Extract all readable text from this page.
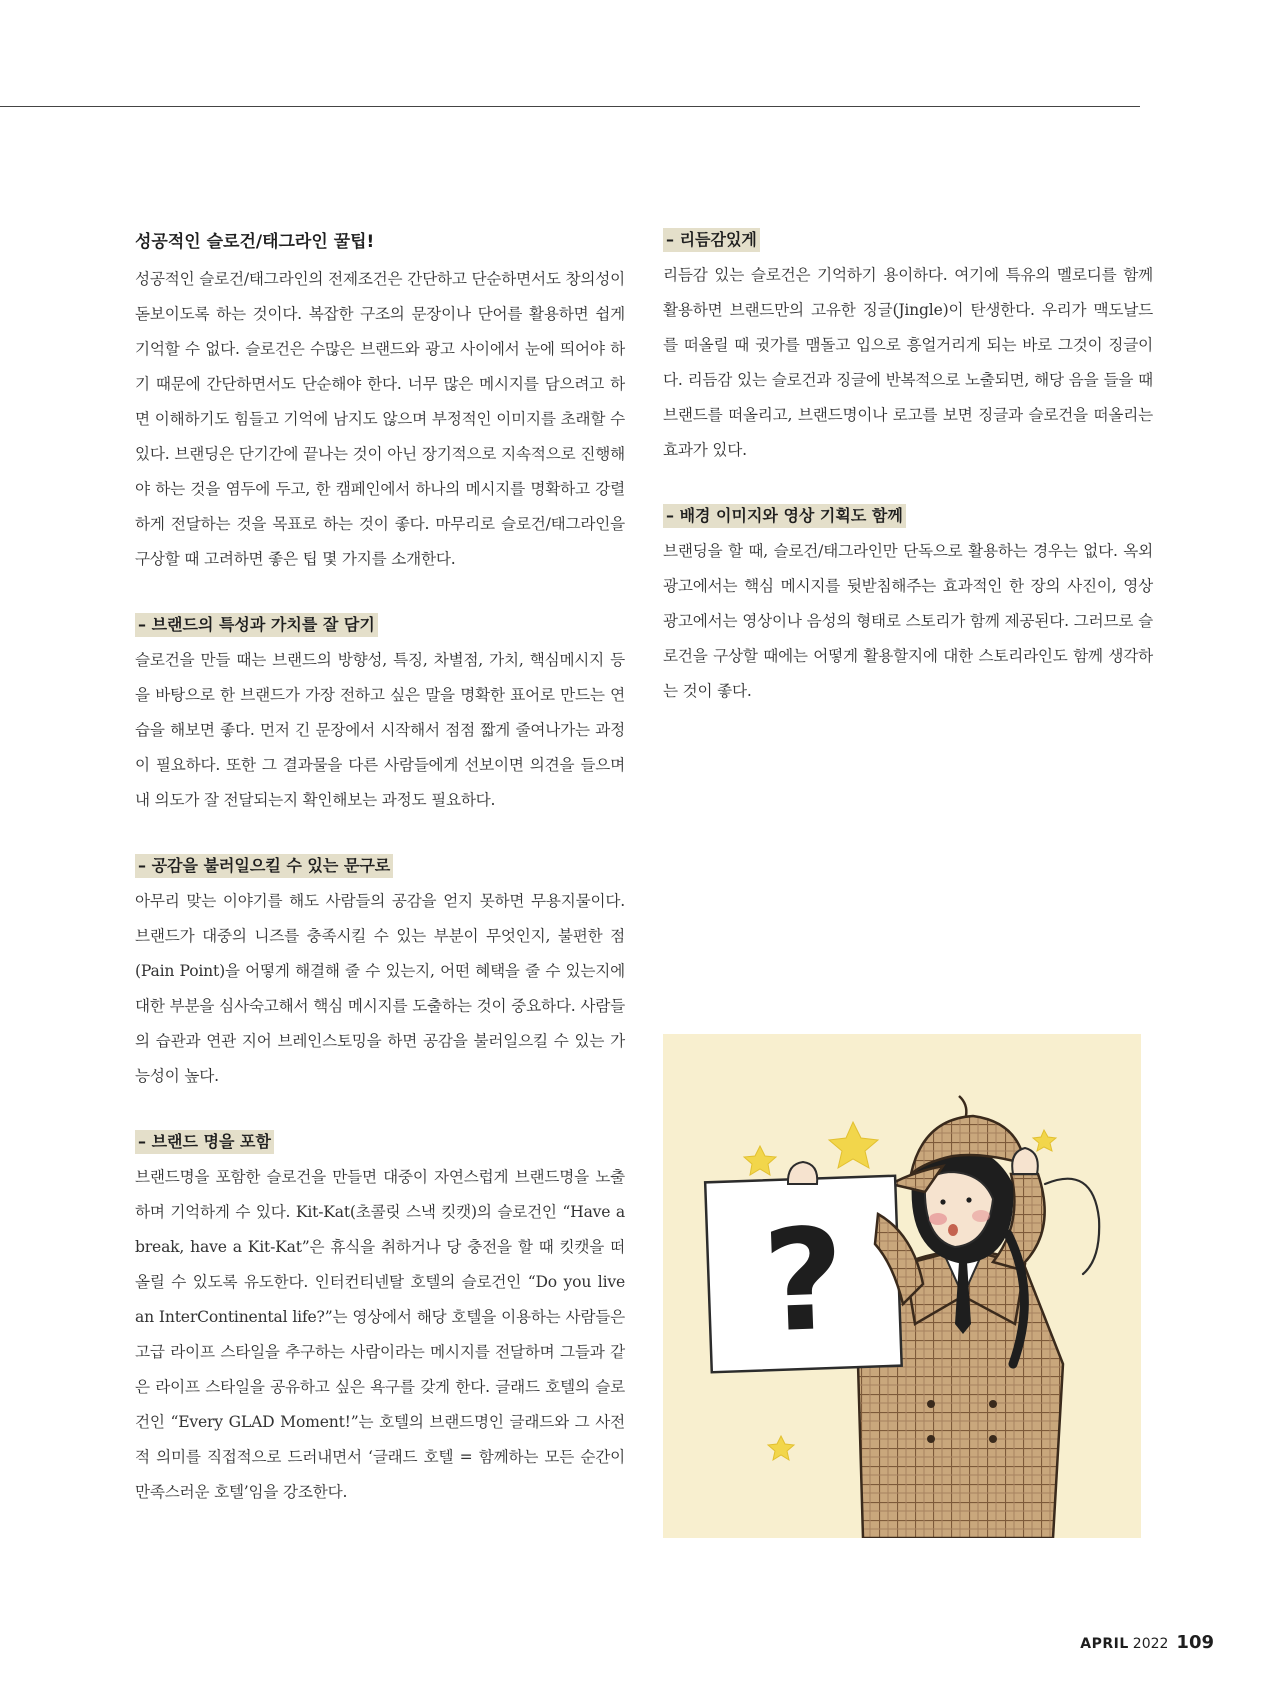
성공적인 슬로건/태그라인 꿀팁!

성공적인 슬로건/태그라인의 전제조건은 간단하고 단순하면서도 창의성이 돋보이도록 하는 것이다. 복잡한 구조의 문장이나 단어를 활용하면 쉽게 기억할 수 없다. 슬로건은 수많은 브랜드와 광고 사이에서 눈에 띄어야 하기 때문에 간단하면서도 단순해야 한다. 너무 많은 메시지를 담으려고 하면 이해하기도 힘들고 기억에 남지도 않으며 부정적인 이미지를 초래할 수 있다. 브랜딩은 단기간에 끝나는 것이 아닌 장기적으로 지속적으로 진행해야 하는 것을 염두에 두고, 한 캠페인에서 하나의 메시지를 명확하고 강렬하게 전달하는 것을 목표로 하는 것이 좋다. 마무리로 슬로건/태그라인을 구상할 때 고려하면 좋은 팁 몇 가지를 소개한다.

– 브랜드의 특성과 가치를 잘 담기

슬로건을 만들 때는 브랜드의 방향성, 특징, 차별점, 가치, 핵심메시지 등을 바탕으로 한 브랜드가 가장 전하고 싶은 말을 명확한 표어로 만드는 연습을 해보면 좋다. 먼저 긴 문장에서 시작해서 점점 짧게 줄여나가는 과정이 필요하다. 또한 그 결과물을 다른 사람들에게 선보이면 의견을 들으며 내 의도가 잘 전달되는지 확인해보는 과정도 필요하다.

– 공감을 불러일으킬 수 있는 문구로

아무리 맞는 이야기를 해도 사람들의 공감을 얻지 못하면 무용지물이다. 브랜드가 대중의 니즈를 충족시킬 수 있는 부분이 무엇인지, 불편한 점(Pain Point)을 어떻게 해결해 줄 수 있는지, 어떤 혜택을 줄 수 있는지에 대한 부분을 심사숙고해서 핵심 메시지를 도출하는 것이 중요하다. 사람들의 습관과 연관 지어 브레인스토밍을 하면 공감을 불러일으킬 수 있는 가능성이 높다.

– 브랜드 명을 포함

브랜드명을 포함한 슬로건을 만들면 대중이 자연스럽게 브랜드명을 노출하며 기억하게 수 있다. Kit-Kat(초콜릿 스낵 킷캣)의 슬로건인 “Have a break, have a Kit-Kat”은 휴식을 취하거나 당 충전을 할 때 킷캣을 떠올릴 수 있도록 유도한다. 인터컨티넨탈 호텔의 슬로건인 “Do you live an InterContinental life?”는 영상에서 해당 호텔을 이용하는 사람들은 고급 라이프 스타일을 추구하는 사람이라는 메시지를 전달하며 그들과 같은 라이프 스타일을 공유하고 싶은 욕구를 갖게 한다. 글래드 호텔의 슬로건인 “Every GLAD Moment!”는 호텔의 브랜드명인 글래드와 그 사전적 의미를 직접적으로 드러내면서 ‘글래드 호텔 = 함께하는 모든 순간이 만족스러운 호텔’임을 강조한다.

– 리듬감있게

리듬감 있는 슬로건은 기억하기 용이하다. 여기에 특유의 멜로디를 함께 활용하면 브랜드만의 고유한 징글(Jingle)이 탄생한다. 우리가 맥도날드를 떠올릴 때 귓가를 맴돌고 입으로 흥얼거리게 되는 바로 그것이 징글이다. 리듬감 있는 슬로건과 징글에 반복적으로 노출되면, 해당 음을 들을 때 브랜드를 떠올리고, 브랜드명이나 로고를 보면 징글과 슬로건을 떠올리는 효과가 있다.

– 배경 이미지와 영상 기획도 함께

브랜딩을 할 때, 슬로건/태그라인만 단독으로 활용하는 경우는 없다. 옥외 광고에서는 핵심 메시지를 뒷받침해주는 효과적인 한 장의 사진이, 영상 광고에서는 영상이나 음성의 형태로 스토리가 함께 제공된다. 그러므로 슬로건을 구상할 때에는 어떻게 활용할지에 대한 스토리라인도 함께 생각하는 것이 좋다.

?
APRIL 2022 109
